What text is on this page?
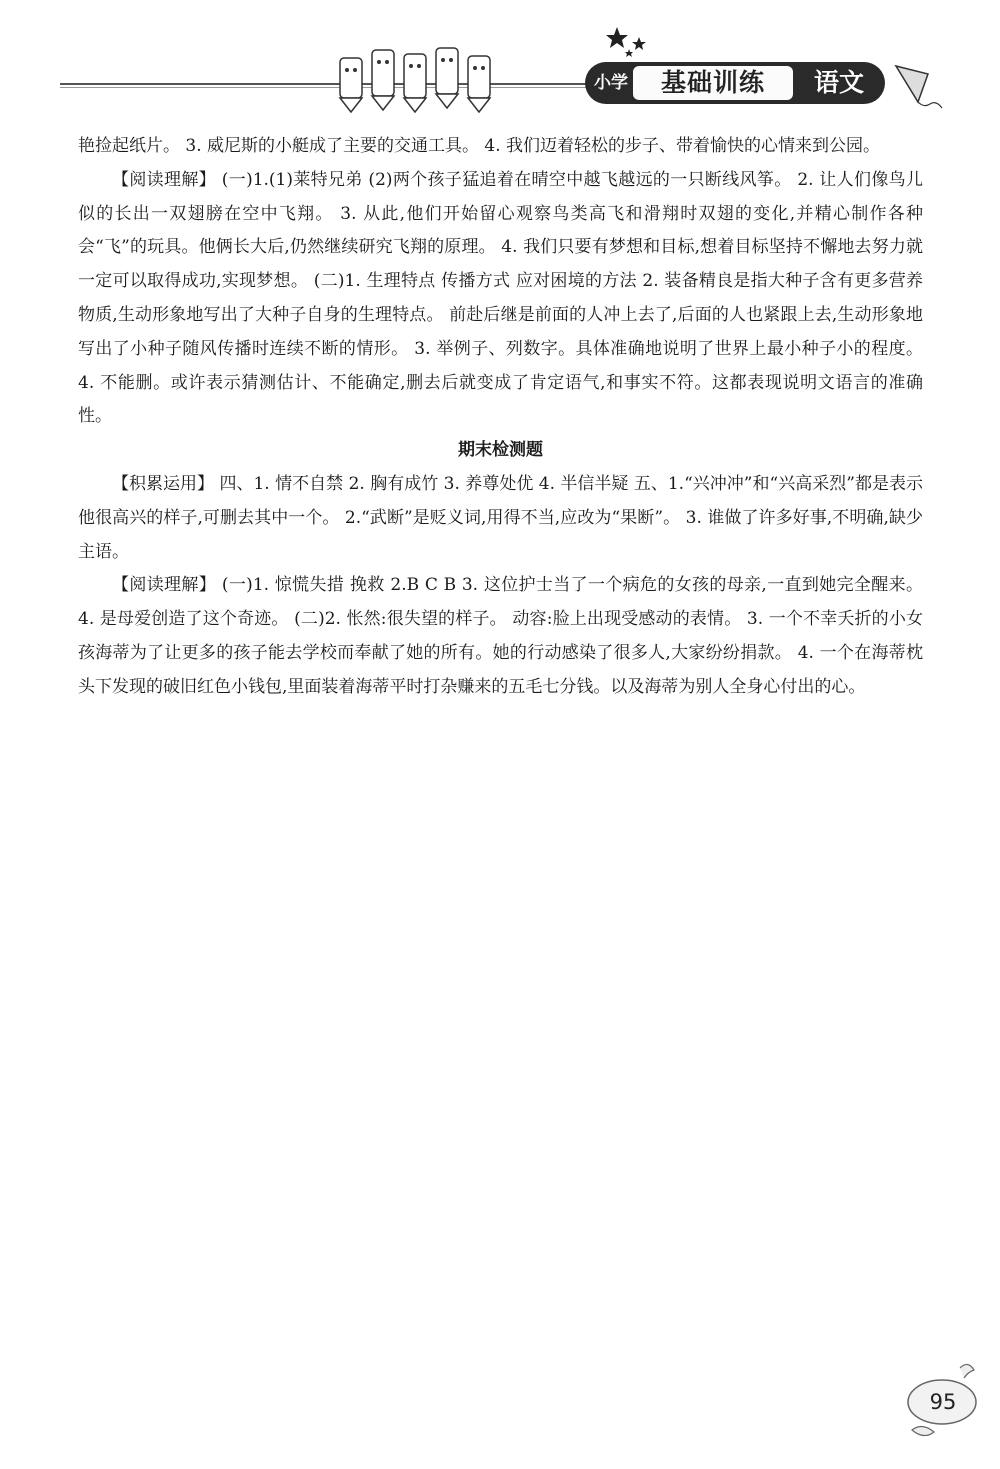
小学	基础训练	语文

艳捡起纸片。 3. 威尼斯的小艇成了主要的交通工具。 4. 我们迈着轻松的步子、带着愉快的心情来到公园。

【阅读理解】 (一)1.(1)莱特兄弟 (2)两个孩子猛追着在晴空中越飞越远的一只断线风筝。 2. 让人们像鸟儿似的长出一双翅膀在空中飞翔。 3. 从此,他们开始留心观察鸟类高飞和滑翔时双翅的变化,并精心制作各种会“飞”的玩具。他俩长大后,仍然继续研究飞翔的原理。 4. 我们只要有梦想和目标,想着目标坚持不懈地去努力就一定可以取得成功,实现梦想。 (二)1. 生理特点 传播方式 应对困境的方法 2. 装备精良是指大种子含有更多营养物质,生动形象地写出了大种子自身的生理特点。 前赴后继是前面的人冲上去了,后面的人也紧跟上去,生动形象地写出了小种子随风传播时连续不断的情形。 3. 举例子、列数字。具体准确地说明了世界上最小种子小的程度。 4. 不能删。或许表示猜测估计、不能确定,删去后就变成了肯定语气,和事实不符。这都表现说明文语言的准确性。

期末检测题

【积累运用】 四、1. 情不自禁 2. 胸有成竹 3. 养尊处优 4. 半信半疑 五、1.“兴冲冲”和“兴高采烈”都是表示他很高兴的样子,可删去其中一个。 2.“武断”是贬义词,用得不当,应改为“果断”。 3. 谁做了许多好事,不明确,缺少主语。

【阅读理解】 (一)1. 惊慌失措 挽救 2.B C B 3. 这位护士当了一个病危的女孩的母亲,一直到她完全醒来。 4. 是母爱创造了这个奇迹。 (二)2. 怅然:很失望的样子。 动容:脸上出现受感动的表情。 3. 一个不幸夭折的小女孩海蒂为了让更多的孩子能去学校而奉献了她的所有。她的行动感染了很多人,大家纷纷捐款。 4. 一个在海蒂枕头下发现的破旧红色小钱包,里面装着海蒂平时打杂赚来的五毛七分钱。以及海蒂为别人全身心付出的心。

95
